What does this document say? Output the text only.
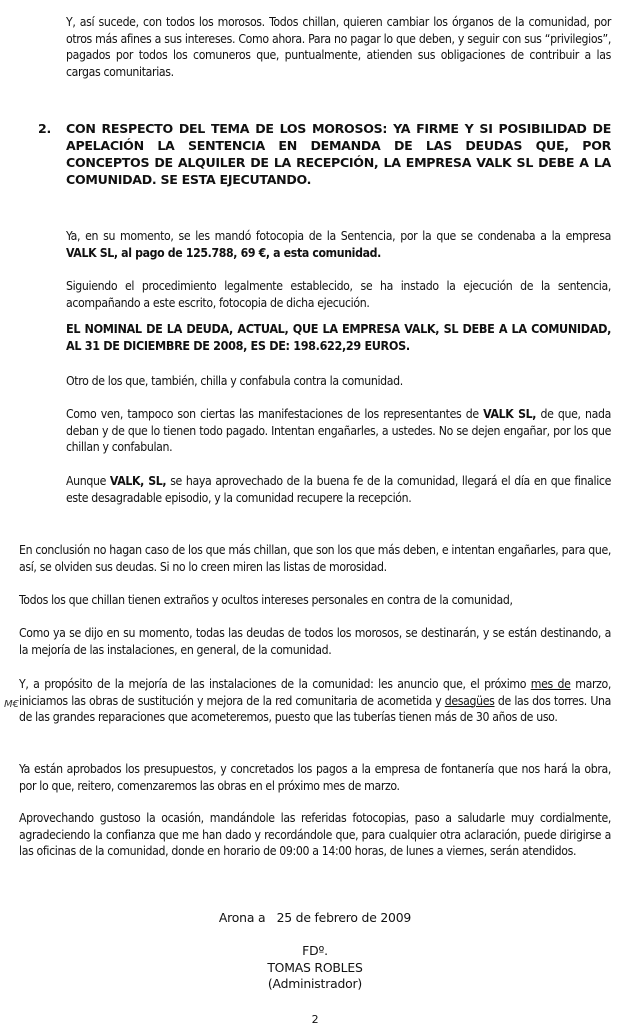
Y, así sucede, con todos los morosos. Todos chillan, quieren cambiar los órganos de la comunidad, por otros más afines a sus intereses. Como ahora. Para no pagar lo que deben, y seguir con sus “privilegios”, pagados por todos los comuneros que, puntualmente, atienden sus obligaciones de contribuir a las cargas comunitarias.

2. CON RESPECTO DEL TEMA DE LOS MOROSOS: YA FIRME Y SI POSIBILIDAD DE APELACIÓN LA SENTENCIA EN DEMANDA DE LAS DEUDAS QUE, POR CONCEPTOS DE ALQUILER DE LA RECEPCIÓN, LA EMPRESA VALK SL DEBE A LA COMUNIDAD. SE ESTA EJECUTANDO.

Ya, en su momento, se les mandó fotocopia de la Sentencia, por la que se condenaba a la empresa VALK SL, al pago de 125.788, 69 €, a esta comunidad.

Siguiendo el procedimiento legalmente establecido, se ha instado la ejecución de la sentencia, acompañando a este escrito, fotocopia de dicha ejecución.

EL NOMINAL DE LA DEUDA, ACTUAL, QUE LA EMPRESA VALK, SL DEBE A LA COMUNIDAD, AL 31 DE DICIEMBRE DE 2008, ES DE: 198.622,29 EUROS.

Otro de los que, también, chilla y confabula contra la comunidad.

Como ven, tampoco son ciertas las manifestaciones de los representantes de VALK SL, de que, nada deban y de que lo tienen todo pagado. Intentan engañarles, a ustedes. No se dejen engañar, por los que chillan y confabulan.

Aunque VALK, SL, se haya aprovechado de la buena fe de la comunidad, llegará el día en que finalice este desagradable episodio, y la comunidad recupere la recepción.

En conclusión no hagan caso de los que más chillan, que son los que más deben, e intentan engañarles, para que, así, se olviden sus deudas. Si no lo creen miren las listas de morosidad.

Todos los que chillan tienen extraños y ocultos intereses personales en contra de la comunidad,

Como ya se dijo en su momento, todas las deudas de todos los morosos, se destinarán, y se están destinando, a la mejoría de las instalaciones, en general, de la comunidad.

Y, a propósito de la mejoría de las instalaciones de la comunidad: les anuncio que, el próximo mes de marzo, iniciamos las obras de sustitución y mejora de la red comunitaria de acometida y desagües de las dos torres. Una de las grandes reparaciones que acometeremos, puesto que las tuberías tienen más de 30 años de uso.

M€

Ya están aprobados los presupuestos, y concretados los pagos a la empresa de fontanería que nos hará la obra, por lo que, reitero, comenzaremos las obras en el próximo mes de marzo.

Aprovechando gustoso la ocasión, mandándole las referidas fotocopias, paso a saludarle muy cordialmente, agradeciendo la confianza que me han dado y recordándole que, para cualquier otra aclaración, puede dirigirse a las oficinas de la comunidad, donde en horario de 09:00 a 14:00 horas, de lunes a viernes, serán atendidos.

Arona a   25 de febrero de 2009
FDº.
TOMAS ROBLES
(Administrador)
2
